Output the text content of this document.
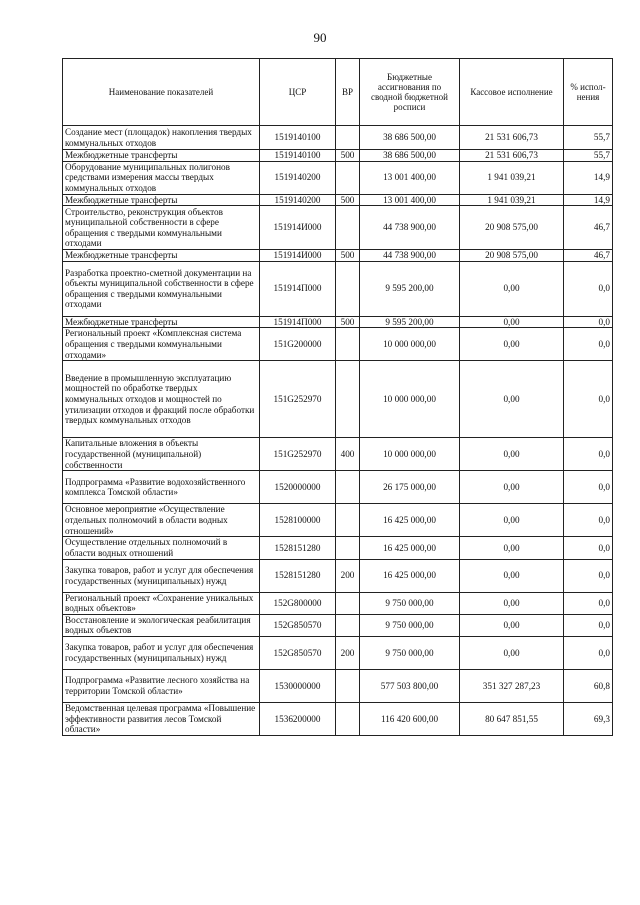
90
Наименование показателей	ЦСР	ВР	Бюджетные ассигнования по сводной бюджетной росписи	Кассовое исполнение	% испол-нения
Создание мест (площадок) накопления твердых коммунальных отходов	1519140100		38 686 500,00	21 531 606,73	55,7
Межбюджетные трансферты	1519140100	500	38 686 500,00	21 531 606,73	55,7
Оборудование муниципальных полигонов средствами измерения массы твердых коммунальных отходов	1519140200		13 001 400,00	1 941 039,21	14,9
Межбюджетные трансферты	1519140200	500	13 001 400,00	1 941 039,21	14,9
Строительство, реконструкция объектов муниципальной собственности в сфере обращения с твердыми коммунальными отходами	151914И000		44 738 900,00	20 908 575,00	46,7
Межбюджетные трансферты	151914И000	500	44 738 900,00	20 908 575,00	46,7
Разработка проектно-сметной документации на объекты муниципальной собственности в сфере обращения с твердыми коммунальными отходами	151914П000		9 595 200,00	0,00	0,0
Межбюджетные трансферты	151914П000	500	9 595 200,00	0,00	0,0
Региональный проект «Комплексная система обращения с твердыми коммунальными отходами»	151G200000		10 000 000,00	0,00	0,0
Введение в промышленную эксплуатацию мощностей по обработке твердых коммунальных отходов и мощностей по утилизации отходов и фракций после обработки твердых коммунальных отходов	151G252970		10 000 000,00	0,00	0,0
Капитальные вложения в объекты государственной (муниципальной) собственности	151G252970	400	10 000 000,00	0,00	0,0
Подпрограмма «Развитие водохозяйственного комплекса Томской области»	1520000000		26 175 000,00	0,00	0,0
Основное мероприятие «Осуществление отдельных полномочий в области водных отношений»	1528100000		16 425 000,00	0,00	0,0
Осуществление отдельных полномочий в области водных отношений	1528151280		16 425 000,00	0,00	0,0
Закупка товаров, работ и услуг для обеспечения государственных (муниципальных) нужд	1528151280	200	16 425 000,00	0,00	0,0
Региональный проект «Сохранение уникальных водных объектов»	152G800000		9 750 000,00	0,00	0,0
Восстановление и экологическая реабилитация водных объектов	152G850570		9 750 000,00	0,00	0,0
Закупка товаров, работ и услуг для обеспечения государственных (муниципальных) нужд	152G850570	200	9 750 000,00	0,00	0,0
Подпрограмма «Развитие лесного хозяйства на территории Томской области»	1530000000		577 503 800,00	351 327 287,23	60,8
Ведомственная целевая программа «Повышение эффективности развития лесов Томской области»	1536200000		116 420 600,00	80 647 851,55	69,3
